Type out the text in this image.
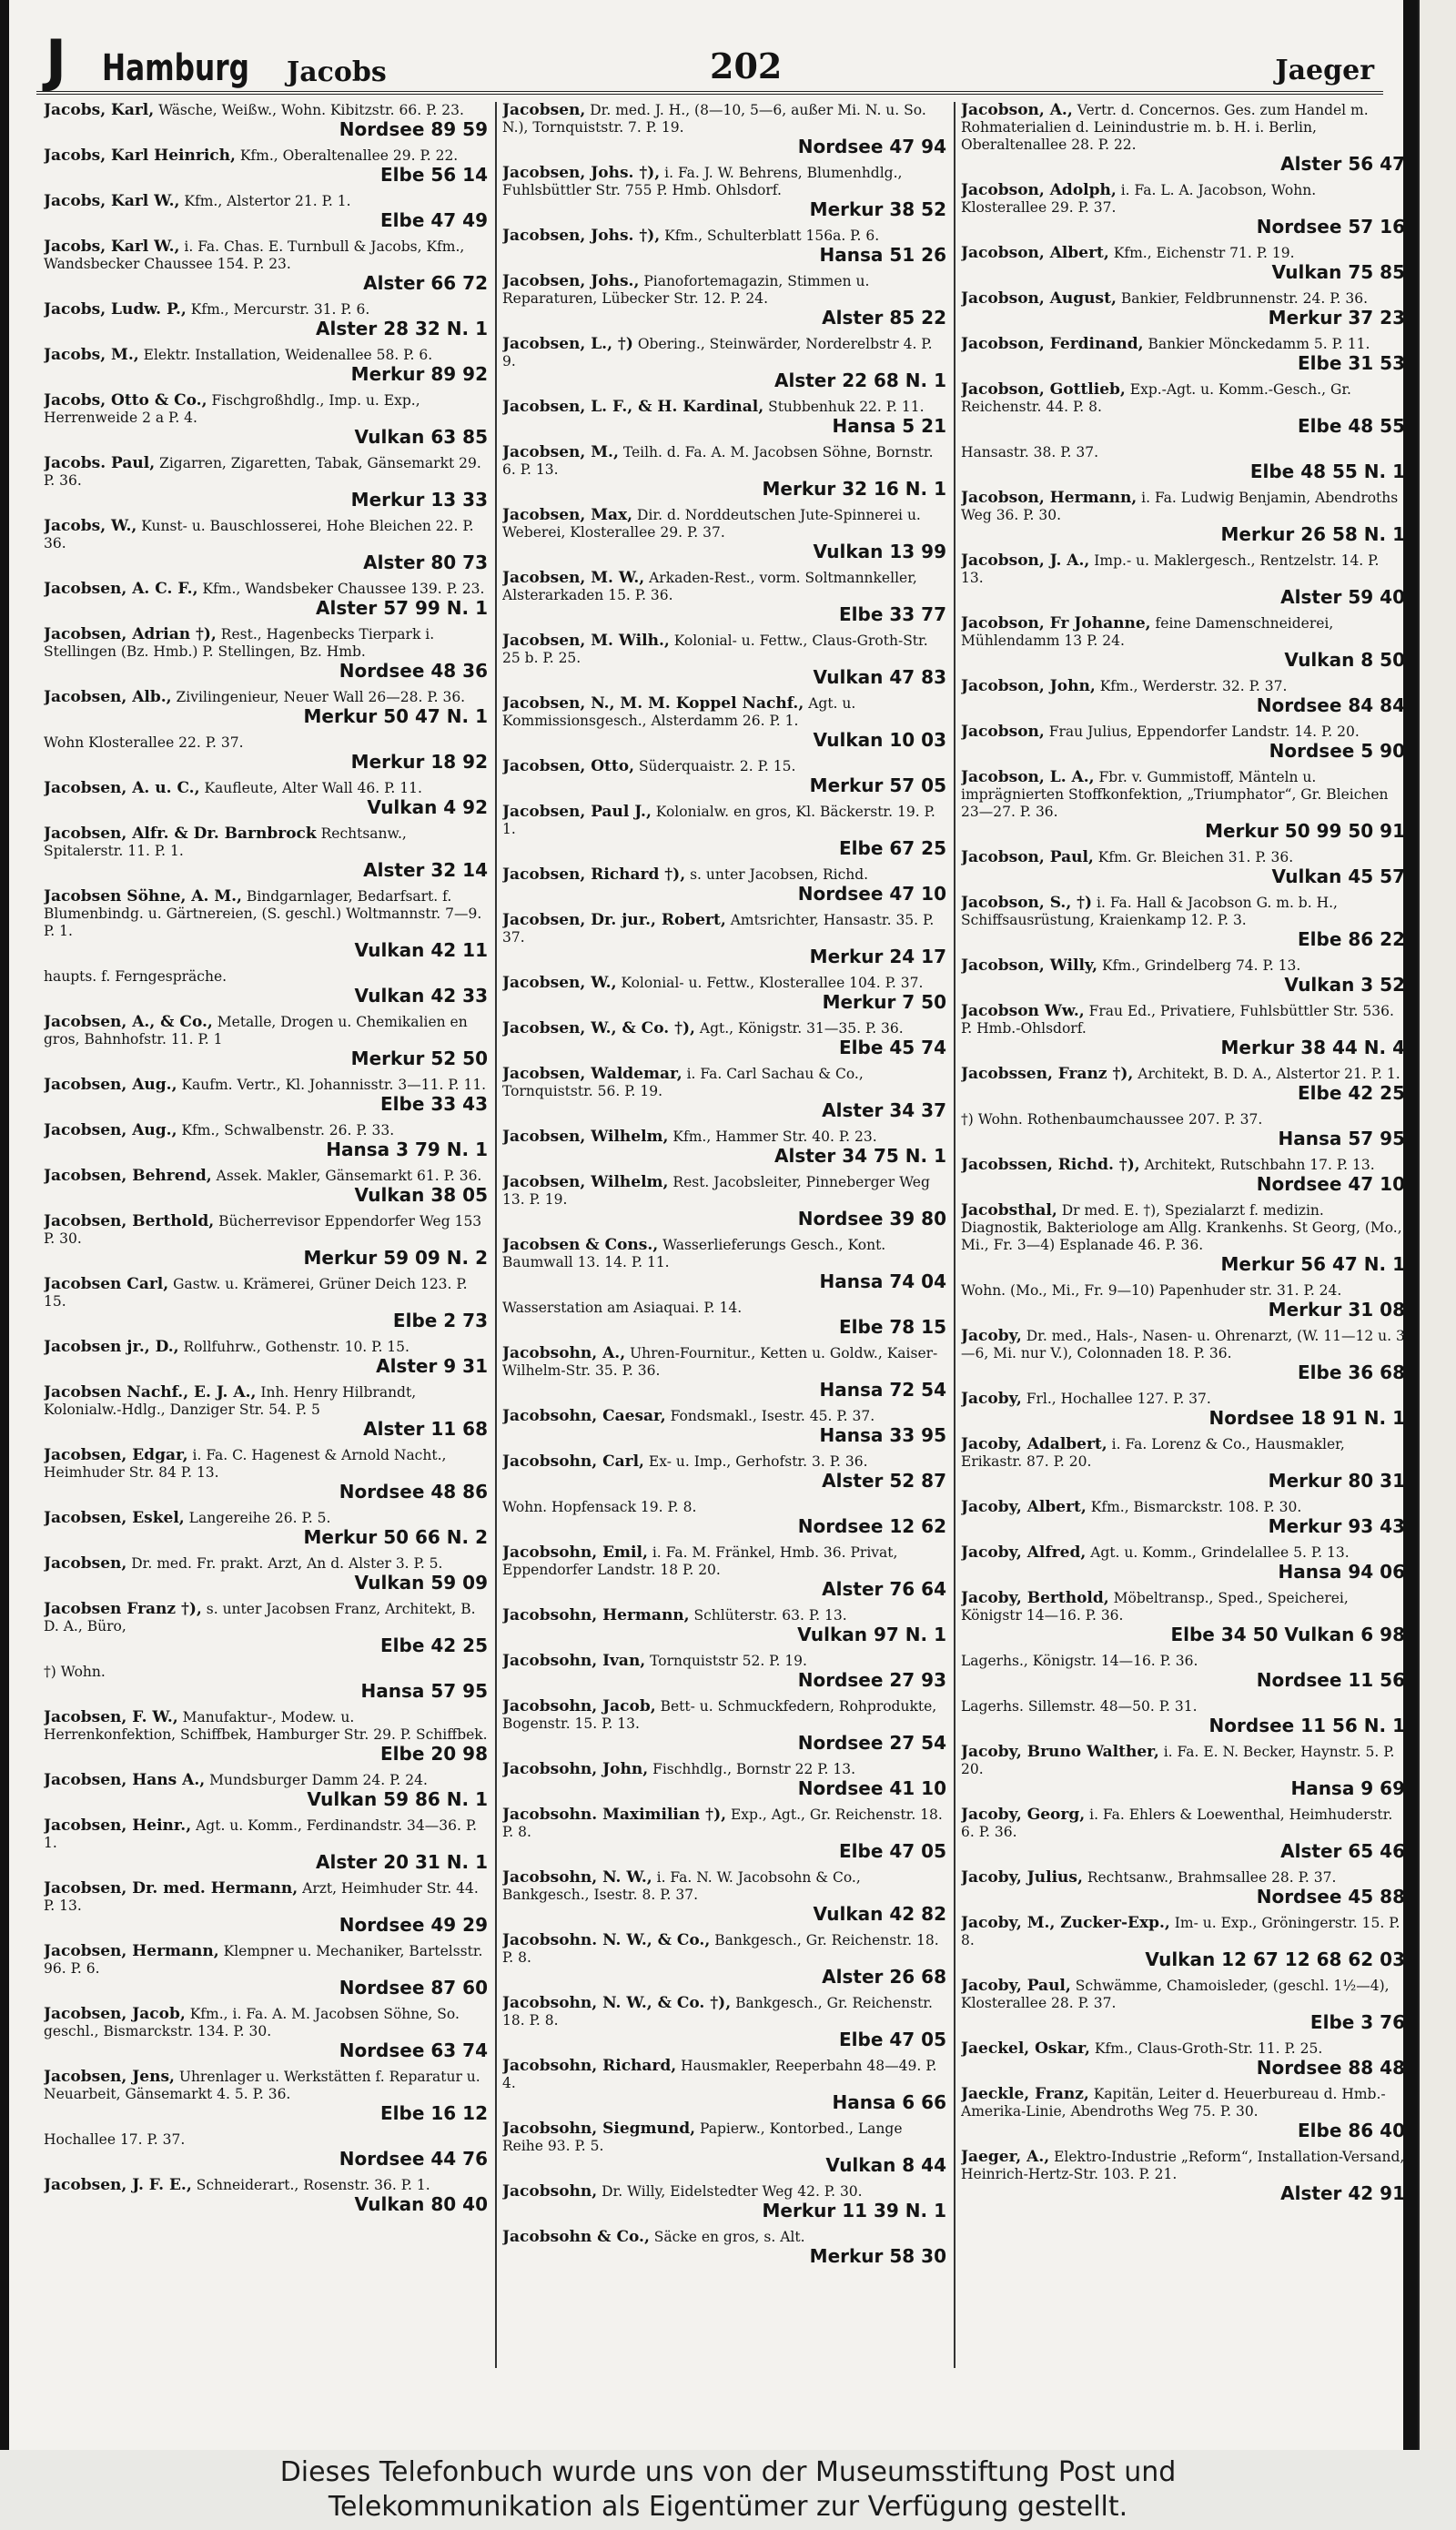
J Hamburg Jacobs	202	Jaeger
Jacobs, Karl, Wäsche, Weißw., Wohn. Kibitzstr. 66. P. 23.
Nordsee 89 59
Jacobs, Karl Heinrich, Kfm., Oberaltenallee 29. P. 22.
Elbe 56 14
Jacobs, Karl W., Kfm., Alstertor 21. P. 1.
Elbe 47 49
Jacobs, Karl W., i. Fa. Chas. E. Turnbull & Jacobs, Kfm., Wandsbecker Chaussee 154. P. 23.
Alster 66 72
Jacobs, Ludw. P., Kfm., Mercurstr. 31. P. 6.
Alster 28 32 N. 1
Jacobs, M., Elektr. Installation, Weidenallee 58. P. 6.
Merkur 89 92
Jacobs, Otto & Co., Fischgroßhdlg., Imp. u. Exp., Herrenweide 2 a P. 4.
Vulkan 63 85
Jacobs. Paul, Zigarren, Zigaretten, Tabak, Gänsemarkt 29. P. 36.
Merkur 13 33
Jacobs, W., Kunst- u. Bauschlosserei, Hohe Bleichen 22. P. 36.
Alster 80 73
Jacobsen, A. C. F., Kfm., Wandsbeker Chaussee 139. P. 23.
Alster 57 99 N. 1
Jacobsen, Adrian †), Rest., Hagenbecks Tierpark i. Stellingen (Bz. Hmb.) P. Stellingen, Bz. Hmb.
Nordsee 48 36
Jacobsen, Alb., Zivilingenieur, Neuer Wall 26—28. P. 36.
Merkur 50 47 N. 1
Wohn Klosterallee 22. P. 37.
Merkur 18 92
Jacobsen, A. u. C., Kaufleute, Alter Wall 46. P. 11.
Vulkan 4 92
Jacobsen, Alfr. & Dr. Barnbrock Rechtsanw., Spitalerstr. 11. P. 1.
Alster 32 14
Jacobsen Söhne, A. M., Bindgarnlager, Bedarfsart. f. Blumenbindg. u. Gärtnereien, (S. geschl.) Woltmannstr. 7—9. P. 1.
Vulkan 42 11
haupts. f. Ferngespräche.
Vulkan 42 33
Jacobsen, A., & Co., Metalle, Drogen u. Chemikalien en gros, Bahnhofstr. 11. P. 1
Merkur 52 50
Jacobsen, Aug., Kaufm. Vertr., Kl. Johannisstr. 3—11. P. 11.
Elbe 33 43
Jacobsen, Aug., Kfm., Schwalbenstr. 26. P. 33.
Hansa 3 79 N. 1
Jacobsen, Behrend, Assek. Makler, Gänsemarkt 61. P. 36.
Vulkan 38 05
Jacobsen, Berthold, Bücherrevisor Eppendorfer Weg 153 P. 30.
Merkur 59 09 N. 2
Jacobsen Carl, Gastw. u. Krämerei, Grüner Deich 123. P. 15.
Elbe 2 73
Jacobsen jr., D., Rollfuhrw., Gothenstr. 10. P. 15.
Alster 9 31
Jacobsen Nachf., E. J. A., Inh. Henry Hilbrandt, Kolonialw.-Hdlg., Danziger Str. 54. P. 5
Alster 11 68
Jacobsen, Edgar, i. Fa. C. Hagenest & Arnold Nacht., Heimhuder Str. 84 P. 13.
Nordsee 48 86
Jacobsen, Eskel, Langereihe 26. P. 5.
Merkur 50 66 N. 2
Jacobsen, Dr. med. Fr. prakt. Arzt, An d. Alster 3. P. 5.
Vulkan 59 09
Jacobsen Franz †), s. unter Jacobsen Franz, Architekt, B. D. A., Büro,
Elbe 42 25
†) Wohn.
Hansa 57 95
Jacobsen, F. W., Manufaktur-, Modew. u. Herrenkonfektion, Schiffbek, Hamburger Str. 29. P. Schiffbek.
Elbe 20 98
Jacobsen, Hans A., Mundsburger Damm 24. P. 24.
Vulkan 59 86 N. 1
Jacobsen, Heinr., Agt. u. Komm., Ferdinandstr. 34—36. P. 1.
Alster 20 31 N. 1
Jacobsen, Dr. med. Hermann, Arzt, Heimhuder Str. 44. P. 13.
Nordsee 49 29
Jacobsen, Hermann, Klempner u. Mechaniker, Bartelsstr. 96. P. 6.
Nordsee 87 60
Jacobsen, Jacob, Kfm., i. Fa. A. M. Jacobsen Söhne, So. geschl., Bismarckstr. 134. P. 30.
Nordsee 63 74
Jacobsen, Jens, Uhrenlager u. Werkstätten f. Reparatur u. Neuarbeit, Gänsemarkt 4. 5. P. 36.
Elbe 16 12
Hochallee 17. P. 37.
Nordsee 44 76
Jacobsen, J. F. E., Schneiderart., Rosenstr. 36. P. 1.
Vulkan 80 40
Jacobsen, Dr. med. J. H., (8—10, 5—6, außer Mi. N. u. So. N.), Tornquiststr. 7. P. 19.
Nordsee 47 94
Jacobsen, Johs. †), i. Fa. J. W. Behrens, Blumenhdlg., Fuhlsbüttler Str. 755 P. Hmb. Ohlsdorf.
Merkur 38 52
Jacobsen, Johs. †), Kfm., Schulterblatt 156a. P. 6.
Hansa 51 26
Jacobsen, Johs., Pianofortemagazin, Stimmen u. Reparaturen, Lübecker Str. 12. P. 24.
Alster 85 22
Jacobsen, L., †) Obering., Steinwärder, Norderelbstr 4. P. 9.
Alster 22 68 N. 1
Jacobsen, L. F., & H. Kardinal, Stubbenhuk 22. P. 11.
Hansa 5 21
Jacobsen, M., Teilh. d. Fa. A. M. Jacobsen Söhne, Bornstr. 6. P. 13.
Merkur 32 16 N. 1
Jacobsen, Max, Dir. d. Norddeutschen Jute-Spinnerei u. Weberei, Klosterallee 29. P. 37.
Vulkan 13 99
Jacobsen, M. W., Arkaden-Rest., vorm. Soltmannkeller, Alsterarkaden 15. P. 36.
Elbe 33 77
Jacobsen, M. Wilh., Kolonial- u. Fettw., Claus-Groth-Str. 25 b. P. 25.
Vulkan 47 83
Jacobsen, N., M. M. Koppel Nachf., Agt. u. Kommissionsgesch., Alsterdamm 26. P. 1.
Vulkan 10 03
Jacobsen, Otto, Süderquaistr. 2. P. 15.
Merkur 57 05
Jacobsen, Paul J., Kolonialw. en gros, Kl. Bäckerstr. 19. P. 1.
Elbe 67 25
Jacobsen, Richard †), s. unter Jacobsen, Richd.
Nordsee 47 10
Jacobsen, Dr. jur., Robert, Amtsrichter, Hansastr. 35. P. 37.
Merkur 24 17
Jacobsen, W., Kolonial- u. Fettw., Klosterallee 104. P. 37.
Merkur 7 50
Jacobsen, W., & Co. †), Agt., Königstr. 31—35. P. 36.
Elbe 45 74
Jacobsen, Waldemar, i. Fa. Carl Sachau & Co., Tornquiststr. 56. P. 19.
Alster 34 37
Jacobsen, Wilhelm, Kfm., Hammer Str. 40. P. 23.
Alster 34 75 N. 1
Jacobsen, Wilhelm, Rest. Jacobsleiter, Pinneberger Weg 13. P. 19.
Nordsee 39 80
Jacobsen & Cons., Wasserlieferungs Gesch., Kont. Baumwall 13. 14. P. 11.
Hansa 74 04
Wasserstation am Asiaquai. P. 14.
Elbe 78 15
Jacobsohn, A., Uhren-Fournitur., Ketten u. Goldw., Kaiser-Wilhelm-Str. 35. P. 36.
Hansa 72 54
Jacobsohn, Caesar, Fondsmakl., Isestr. 45. P. 37.
Hansa 33 95
Jacobsohn, Carl, Ex- u. Imp., Gerhofstr. 3. P. 36.
Alster 52 87
Wohn. Hopfensack 19. P. 8.
Nordsee 12 62
Jacobsohn, Emil, i. Fa. M. Fränkel, Hmb. 36. Privat, Eppendorfer Landstr. 18 P. 20.
Alster 76 64
Jacobsohn, Hermann, Schlüterstr. 63. P. 13.
Vulkan 97 N. 1
Jacobsohn, Ivan, Tornquiststr 52. P. 19.
Nordsee 27 93
Jacobsohn, Jacob, Bett- u. Schmuckfedern, Rohprodukte, Bogenstr. 15. P. 13.
Nordsee 27 54
Jacobsohn, John, Fischhdlg., Bornstr 22 P. 13.
Nordsee 41 10
Jacobsohn. Maximilian †), Exp., Agt., Gr. Reichenstr. 18. P. 8.
Elbe 47 05
Jacobsohn, N. W., i. Fa. N. W. Jacobsohn & Co., Bankgesch., Isestr. 8. P. 37.
Vulkan 42 82
Jacobsohn. N. W., & Co., Bankgesch., Gr. Reichenstr. 18. P. 8.
Alster 26 68
Jacobsohn, N. W., & Co. †), Bankgesch., Gr. Reichenstr. 18. P. 8.
Elbe 47 05
Jacobsohn, Richard, Hausmakler, Reeperbahn 48—49. P. 4.
Hansa 6 66
Jacobsohn, Siegmund, Papierw., Kontorbed., Lange Reihe 93. P. 5.
Vulkan 8 44
Jacobsohn, Dr. Willy, Eidelstedter Weg 42. P. 30.
Merkur 11 39 N. 1
Jacobsohn & Co., Säcke en gros, s. Alt.
Merkur 58 30
Jacobson, A., Vertr. d. Concernos. Ges. zum Handel m. Rohmaterialien d. Leinindustrie m. b. H. i. Berlin, Oberaltenallee 28. P. 22.
Alster 56 47
Jacobson, Adolph, i. Fa. L. A. Jacobson, Wohn. Klosterallee 29. P. 37.
Nordsee 57 16
Jacobson, Albert, Kfm., Eichenstr 71. P. 19.
Vulkan 75 85
Jacobson, August, Bankier, Feldbrunnenstr. 24. P. 36.
Merkur 37 23
Jacobson, Ferdinand, Bankier Mönckedamm 5. P. 11.
Elbe 31 53
Jacobson, Gottlieb, Exp.-Agt. u. Komm.-Gesch., Gr. Reichenstr. 44. P. 8.
Elbe 48 55
Hansastr. 38. P. 37.
Elbe 48 55 N. 1
Jacobson, Hermann, i. Fa. Ludwig Benjamin, Abendroths Weg 36. P. 30.
Merkur 26 58 N. 1
Jacobson, J. A., Imp.- u. Maklergesch., Rentzelstr. 14. P. 13.
Alster 59 40
Jacobson, Fr Johanne, feine Damenschneiderei, Mühlendamm 13 P. 24.
Vulkan 8 50
Jacobson, John, Kfm., Werderstr. 32. P. 37.
Nordsee 84 84
Jacobson, Frau Julius, Eppendorfer Landstr. 14. P. 20.
Nordsee 5 90
Jacobson, L. A., Fbr. v. Gummistoff, Mänteln u. imprägnierten Stoffkonfektion, „Triumphator“, Gr. Bleichen 23—27. P. 36.
Merkur 50 99 50 91
Jacobson, Paul, Kfm. Gr. Bleichen 31. P. 36.
Vulkan 45 57
Jacobson, S., †) i. Fa. Hall & Jacobson G. m. b. H., Schiffsausrüstung, Kraienkamp 12. P. 3.
Elbe 86 22
Jacobson, Willy, Kfm., Grindelberg 74. P. 13.
Vulkan 3 52
Jacobson Ww., Frau Ed., Privatiere, Fuhlsbüttler Str. 536. P. Hmb.-Ohlsdorf.
Merkur 38 44 N. 4
Jacobssen, Franz †), Architekt, B. D. A., Alstertor 21. P. 1.
Elbe 42 25
†) Wohn. Rothenbaumchaussee 207. P. 37.
Hansa 57 95
Jacobssen, Richd. †), Architekt, Rutschbahn 17. P. 13.
Nordsee 47 10
Jacobsthal, Dr med. E. †), Spezialarzt f. medizin. Diagnostik, Bakteriologe am Allg. Krankenhs. St Georg, (Mo., Mi., Fr. 3—4) Esplanade 46. P. 36.
Merkur 56 47 N. 1
Wohn. (Mo., Mi., Fr. 9—10) Papenhuder str. 31. P. 24.
Merkur 31 08
Jacoby, Dr. med., Hals-, Nasen- u. Ohrenarzt, (W. 11—12 u. 3—6, Mi. nur V.), Colonnaden 18. P. 36.
Elbe 36 68
Jacoby, Frl., Hochallee 127. P. 37.
Nordsee 18 91 N. 1
Jacoby, Adalbert, i. Fa. Lorenz & Co., Hausmakler, Erikastr. 87. P. 20.
Merkur 80 31
Jacoby, Albert, Kfm., Bismarckstr. 108. P. 30.
Merkur 93 43
Jacoby, Alfred, Agt. u. Komm., Grindelallee 5. P. 13.
Hansa 94 06
Jacoby, Berthold, Möbeltransp., Sped., Speicherei, Königstr 14—16. P. 36.
Elbe 34 50 Vulkan 6 98
Lagerhs., Königstr. 14—16. P. 36.
Nordsee 11 56
Lagerhs. Sillemstr. 48—50. P. 31.
Nordsee 11 56 N. 1
Jacoby, Bruno Walther, i. Fa. E. N. Becker, Haynstr. 5. P. 20.
Hansa 9 69
Jacoby, Georg, i. Fa. Ehlers & Loewenthal, Heimhuderstr. 6. P. 36.
Alster 65 46
Jacoby, Julius, Rechtsanw., Brahmsallee 28. P. 37.
Nordsee 45 88
Jacoby, M., Zucker-Exp., Im- u. Exp., Gröningerstr. 15. P. 8.
Vulkan 12 67 12 68 62 03
Jacoby, Paul, Schwämme, Chamoisleder, (geschl. 1½—4), Klosterallee 28. P. 37.
Elbe 3 76
Jaeckel, Oskar, Kfm., Claus-Groth-Str. 11. P. 25.
Nordsee 88 48
Jaeckle, Franz, Kapitän, Leiter d. Heuerbureau d. Hmb.-Amerika-Linie, Abendroths Weg 75. P. 30.
Elbe 86 40
Jaeger, A., Elektro-Industrie „Reform“, Installation-Versand, Heinrich-Hertz-Str. 103. P. 21.
Alster 42 91
Dieses Telefonbuch wurde uns von der Museumsstiftung Post und
Telekommunikation als Eigentümer zur Verfügung gestellt.
